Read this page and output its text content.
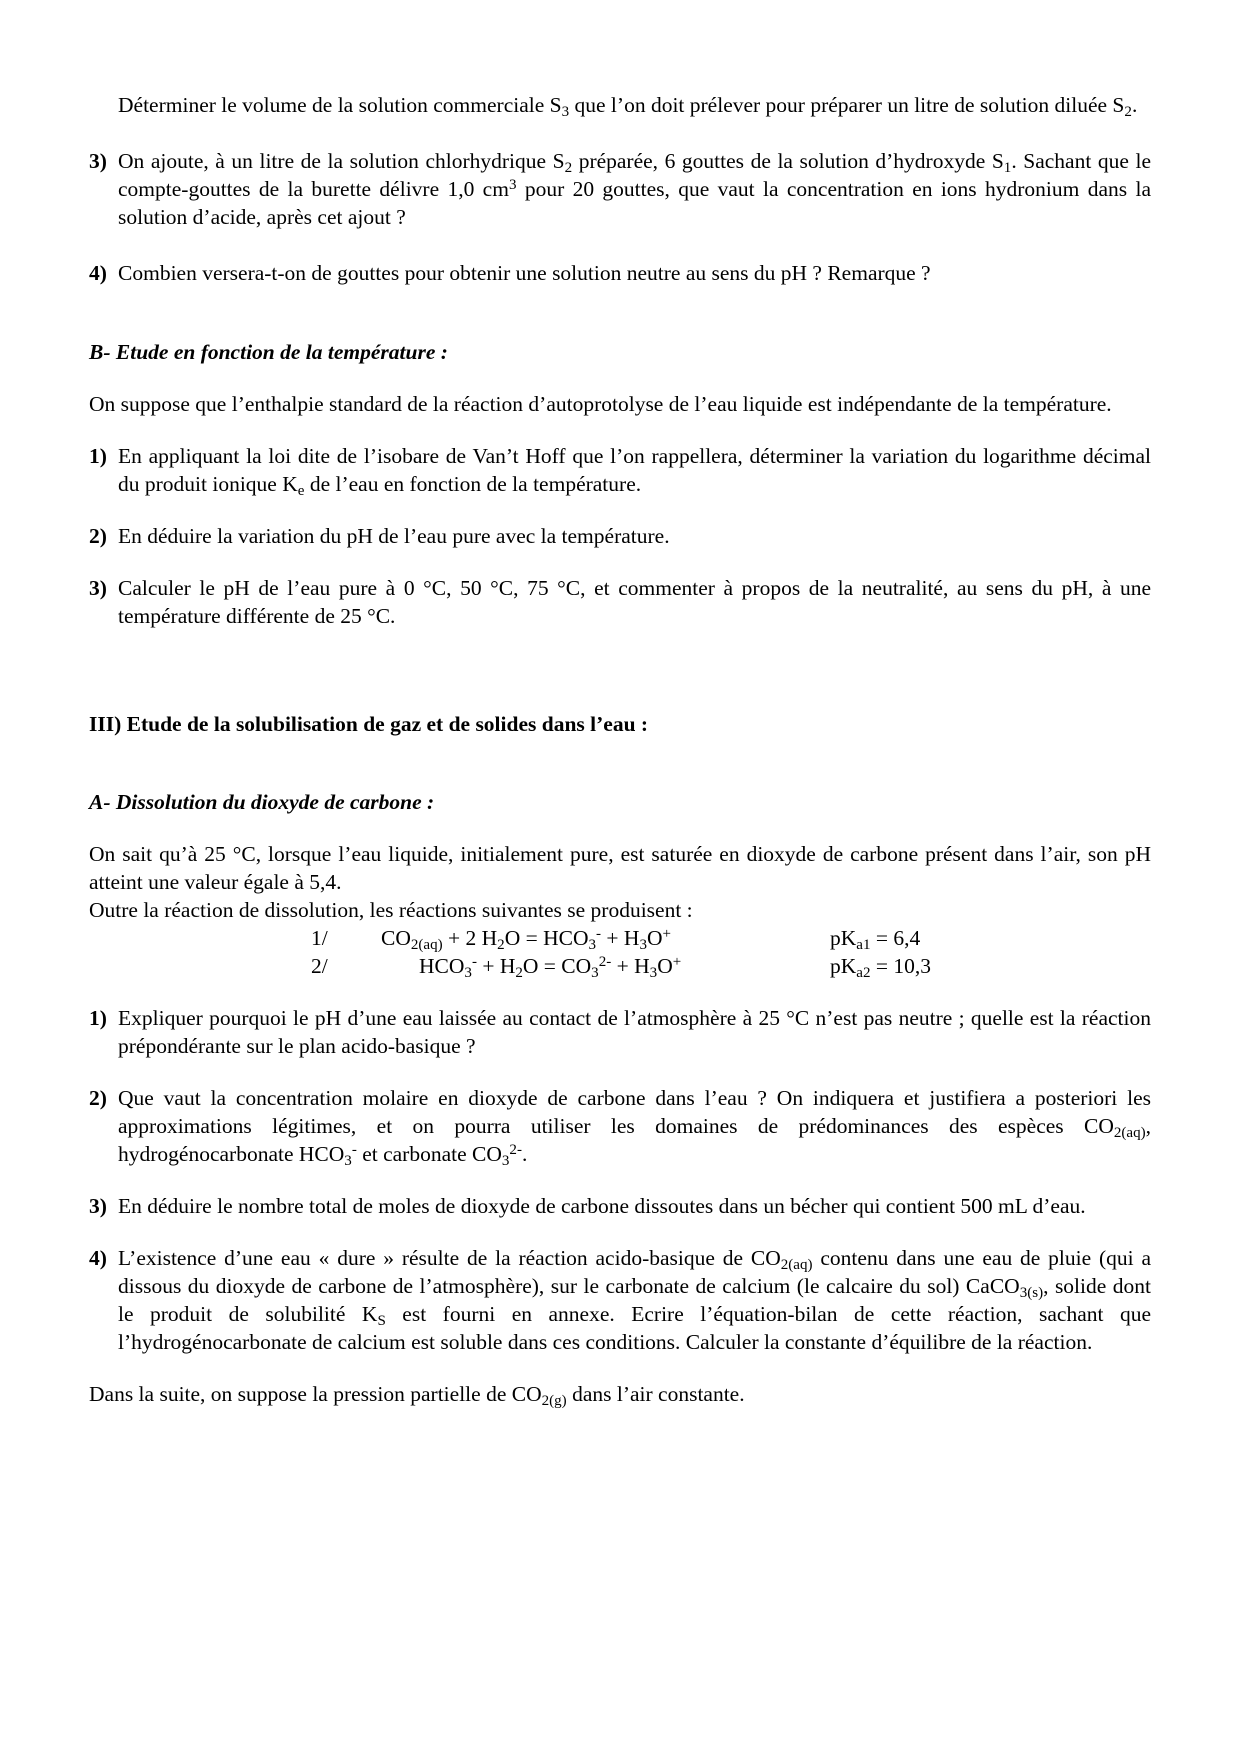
Déterminer le volume de la solution commerciale $S_3$ que l’on doit prélever pour préparer un litre de solution diluée $S_2$.

3) On ajoute, à un litre de la solution chlorhydrique $S_2$ préparée, 6 gouttes de la solution d’hydroxyde $S_1$. Sachant que le compte-gouttes de la burette délivre 1,0 $cm^3$ pour 20 gouttes, que vaut la concentration en ions hydronium dans la solution d’acide, après cet ajout ?

4) Combien versera-t-on de gouttes pour obtenir une solution neutre au sens du pH ? Remarque ?

B- Etude en fonction de la température :

On suppose que l’enthalpie standard de la réaction d’autoprotolyse de l’eau liquide est indépendante de la température.

1) En appliquant la loi dite de l’isobare de Van’t Hoff que l’on rappellera, déterminer la variation du logarithme décimal du produit ionique $K_e$ de l’eau en fonction de la température.

2) En déduire la variation du pH de l’eau pure avec la température.

3) Calculer le pH de l’eau pure à 0 °C, 50 °C, 75 °C, et commenter à propos de la neutralité, au sens du pH, à une température différente de 25 °C.

III) Etude de la solubilisation de gaz et de solides dans l’eau :

A- Dissolution du dioxyde de carbone :

On sait qu’à 25 °C, lorsque l’eau liquide, initialement pure, est saturée en dioxyde de carbone présent dans l’air, son pH atteint une valeur égale à 5,4.

Outre la réaction de dissolution, les réactions suivantes se produisent :

1/ $CO_{2(aq)} + 2$ $H_2O = HCO_3^- + H_3O^+$	$pK_{a1} = 6,4$
2/	$HCO_3^- + H_2O = CO_3^{2-} + H_3O^+$	$pK_{a2} = 10,3$

1) Expliquer pourquoi le pH d’une eau laissée au contact de l’atmosphère à 25 °C n’est pas neutre ; quelle est la réaction prépondérante sur le plan acido-basique ?

2) Que vaut la concentration molaire en dioxyde de carbone dans l’eau ? On indiquera et justifiera a posteriori les approximations légitimes, et on pourra utiliser les domaines de prédominances des espèces $CO_{2(aq)}$, hydrogénocarbonate $HCO_3^-$ et carbonate $CO_3^{2-}$.

3) En déduire le nombre total de moles de dioxyde de carbone dissoutes dans un bécher qui contient 500 mL d’eau.

4) L’existence d’une eau « dure » résulte de la réaction acido-basique de $CO_{2(aq)}$ contenu dans une eau de pluie (qui a dissous du dioxyde de carbone de l’atmosphère), sur le carbonate de calcium (le calcaire du sol) CaCO$_{3(s)}$, solide dont le produit de solubilité $K_S$ est fourni en annexe. Ecrire l’équation-bilan de cette réaction, sachant que l’hydrogénocarbonate de calcium est soluble dans ces conditions. Calculer la constante d’équilibre de la réaction.

Dans la suite, on suppose la pression partielle de $CO_{2(g)}$ dans l’air constante.
